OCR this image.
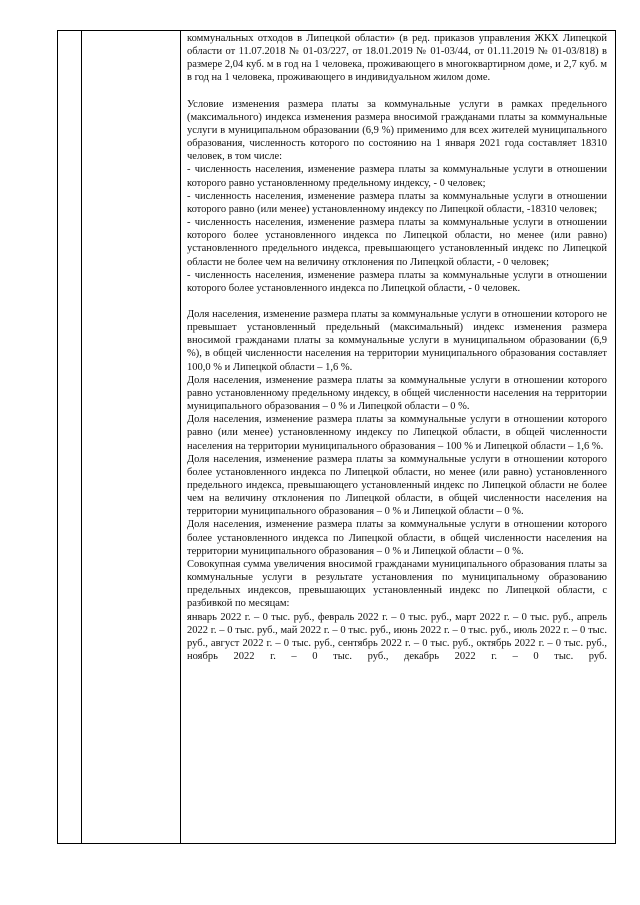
коммунальных отходов в Липецкой области» (в ред. приказов управления ЖКХ Липецкой области от 11.07.2018 № 01-03/227, от 18.01.2019 № 01-03/44, от 01.11.2019 № 01-03/818) в размере 2,04 куб. м в год на 1 человека, проживающего в многоквартирном доме, и 2,7 куб. м в год на 1 человека, проживающего в индивидуальном жилом доме.

Условие изменения размера платы за коммунальные услуги в рамках предельного (максимального) индекса изменения размера вносимой гражданами платы за коммунальные услуги в муниципальном образовании (6,9 %) применимо для всех жителей муниципального образования, численность которого по состоянию на 1 января 2021 года составляет 18310 человек, в том числе:

- численность населения, изменение размера платы за коммунальные услуги в отношении которого равно установленному предельному индексу, - 0 человек;

- численность населения, изменение размера платы за коммунальные услуги в отношении которого равно (или менее) установленному индексу по Липецкой области, -18310 человек;

- численность населения, изменение размера платы за коммунальные услуги в отношении которого более установленного индекса по Липецкой области, но менее (или равно) установленного предельного индекса, превышающего установленный индекс по Липецкой области не более чем на величину отклонения по Липецкой области, - 0 человек;

- численность населения, изменение размера платы за коммунальные услуги в отношении которого более установленного индекса по Липецкой области, - 0 человек.

Доля населения, изменение размера платы за коммунальные услуги в отношении которого не превышает установленный предельный (максимальный) индекс изменения размера вносимой гражданами платы за коммунальные услуги в муниципальном образовании (6,9 %), в общей численности населения на территории муниципального образования составляет 100,0 % и Липецкой области – 1,6 %.

Доля населения, изменение размера платы за коммунальные услуги в отношении которого равно установленному предельному индексу, в общей численности населения на территории муниципального образования – 0 % и Липецкой области – 0 %.

Доля населения, изменение размера платы за коммунальные услуги в отношении которого равно (или менее) установленному индексу по Липецкой области, в общей численности населения на территории муниципального образования – 100 % и Липецкой области – 1,6 %.

Доля населения, изменение размера платы за коммунальные услуги в отношении которого более установленного индекса по Липецкой области, но менее (или равно) установленного предельного индекса, превышающего установленный индекс по Липецкой области не более чем на величину отклонения по Липецкой области, в общей численности населения на территории муниципального образования – 0 % и Липецкой области – 0 %.

Доля населения, изменение размера платы за коммунальные услуги в отношении которого более установленного индекса по Липецкой области, в общей численности населения на территории муниципального образования – 0 % и Липецкой области – 0 %.

Совокупная сумма увеличения вносимой гражданами муниципального образования платы за коммунальные услуги в результате установления по муниципальному образованию предельных индексов, превышающих установленный индекс по Липецкой области, с разбивкой по месяцам:

январь 2022 г. – 0 тыс. руб., февраль 2022 г. – 0 тыс. руб., март 2022 г. – 0 тыс. руб., апрель 2022 г. – 0 тыс. руб., май 2022 г. – 0 тыс. руб., июнь 2022 г. – 0 тыс. руб., июль 2022 г. – 0 тыс. руб., август 2022 г. – 0 тыс. руб., сентябрь 2022 г. – 0 тыс. руб., октябрь 2022 г. – 0 тыс. руб., ноябрь 2022 г. – 0 тыс. руб., декабрь 2022 г. – 0 тыс. руб.
